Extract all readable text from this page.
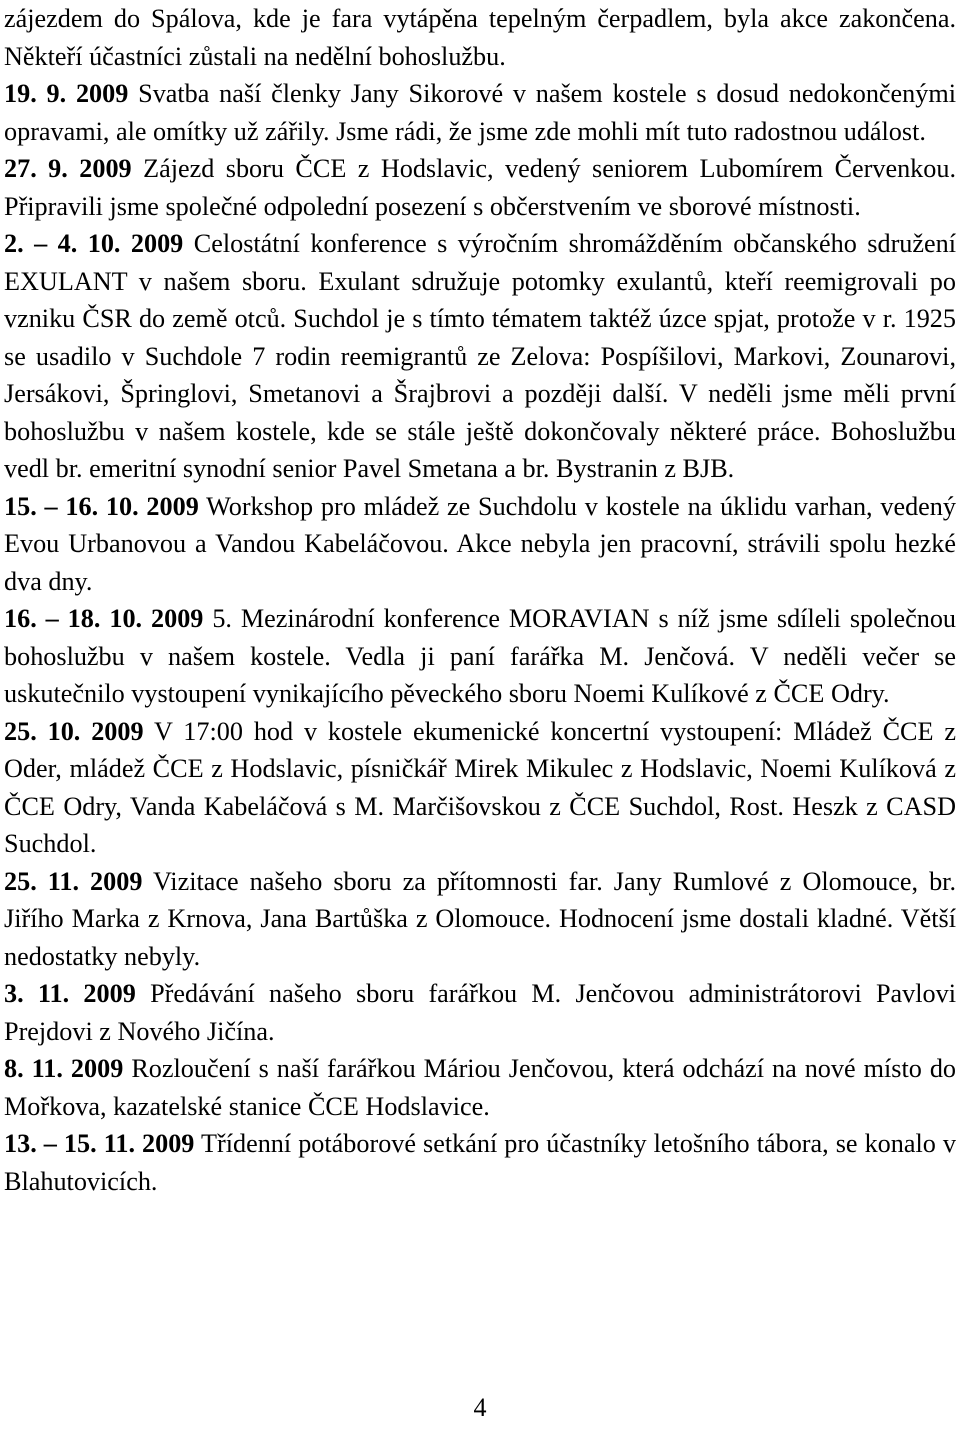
zájezdem do Spálova, kde je fara vytápěna tepelným čerpadlem, byla akce zakončena. Někteří účastníci zůstali na nedělní bohoslužbu.

19. 9. 2009 Svatba naší členky Jany Sikorové v našem kostele s dosud nedokončenými opravami, ale omítky už zářily. Jsme rádi, že jsme zde mohli mít tuto radostnou událost.

27. 9. 2009 Zájezd sboru ČCE z Hodslavic, vedený seniorem Lubomírem Červenkou. Připravili jsme společné odpolední posezení s občerstvením ve sborové místnosti.

2. – 4. 10. 2009 Celostátní konference s výročním shromážděním občanského sdružení EXULANT v našem sboru. Exulant sdružuje potomky exulantů, kteří reemigrovali po vzniku ČSR do země otců. Suchdol je s tímto tématem taktéž úzce spjat, protože v r. 1925 se usadilo v Suchdole 7 rodin reemigrantů ze Zelova: Pospíšilovi, Markovi, Zounarovi, Jersákovi, Špringlovi, Smetanovi a Šrajbrovi a později další. V neděli jsme měli první bohoslužbu v našem kostele, kde se stále ještě dokončovaly některé práce. Bohoslužbu vedl br. emeritní synodní senior Pavel Smetana a br. Bystranin z BJB.

15. – 16. 10. 2009 Workshop pro mládež ze Suchdolu v kostele na úklidu varhan, vedený Evou Urbanovou a Vandou Kabeláčovou. Akce nebyla jen pracovní, strávili spolu hezké dva dny.

16. – 18. 10. 2009 5. Mezinárodní konference MORAVIAN s níž jsme sdíleli společnou bohoslužbu v našem kostele. Vedla ji paní farářka M. Jenčová. V neděli večer se uskutečnilo vystoupení vynikajícího pěveckého sboru Noemi Kulíkové z ČCE Odry.

25. 10. 2009 V 17:00 hod v kostele ekumenické koncertní vystoupení: Mládež ČCE z Oder, mládež ČCE z Hodslavic, písničkář Mirek Mikulec z Hodslavic, Noemi Kulíková z ČCE Odry, Vanda Kabeláčová s M. Marčišovskou z ČCE Suchdol, Rost. Heszk z CASD Suchdol.

25. 11. 2009 Vizitace našeho sboru za přítomnosti far. Jany Rumlové z Olomouce, br. Jiřího Marka z Krnova, Jana Bartůška z Olomouce. Hodnocení jsme dostali kladné. Větší nedostatky nebyly.

3. 11. 2009 Předávání našeho sboru farářkou M. Jenčovou administrátorovi Pavlovi Prejdovi z Nového Jičína.

8. 11. 2009 Rozloučení s naší farářkou Máriou Jenčovou, která odchází na nové místo do Mořkova, kazatelské stanice ČCE Hodslavice.

13. – 15. 11. 2009 Třídenní potáborové setkání pro účastníky letošního tábora, se konalo v Blahutovicích.

4
